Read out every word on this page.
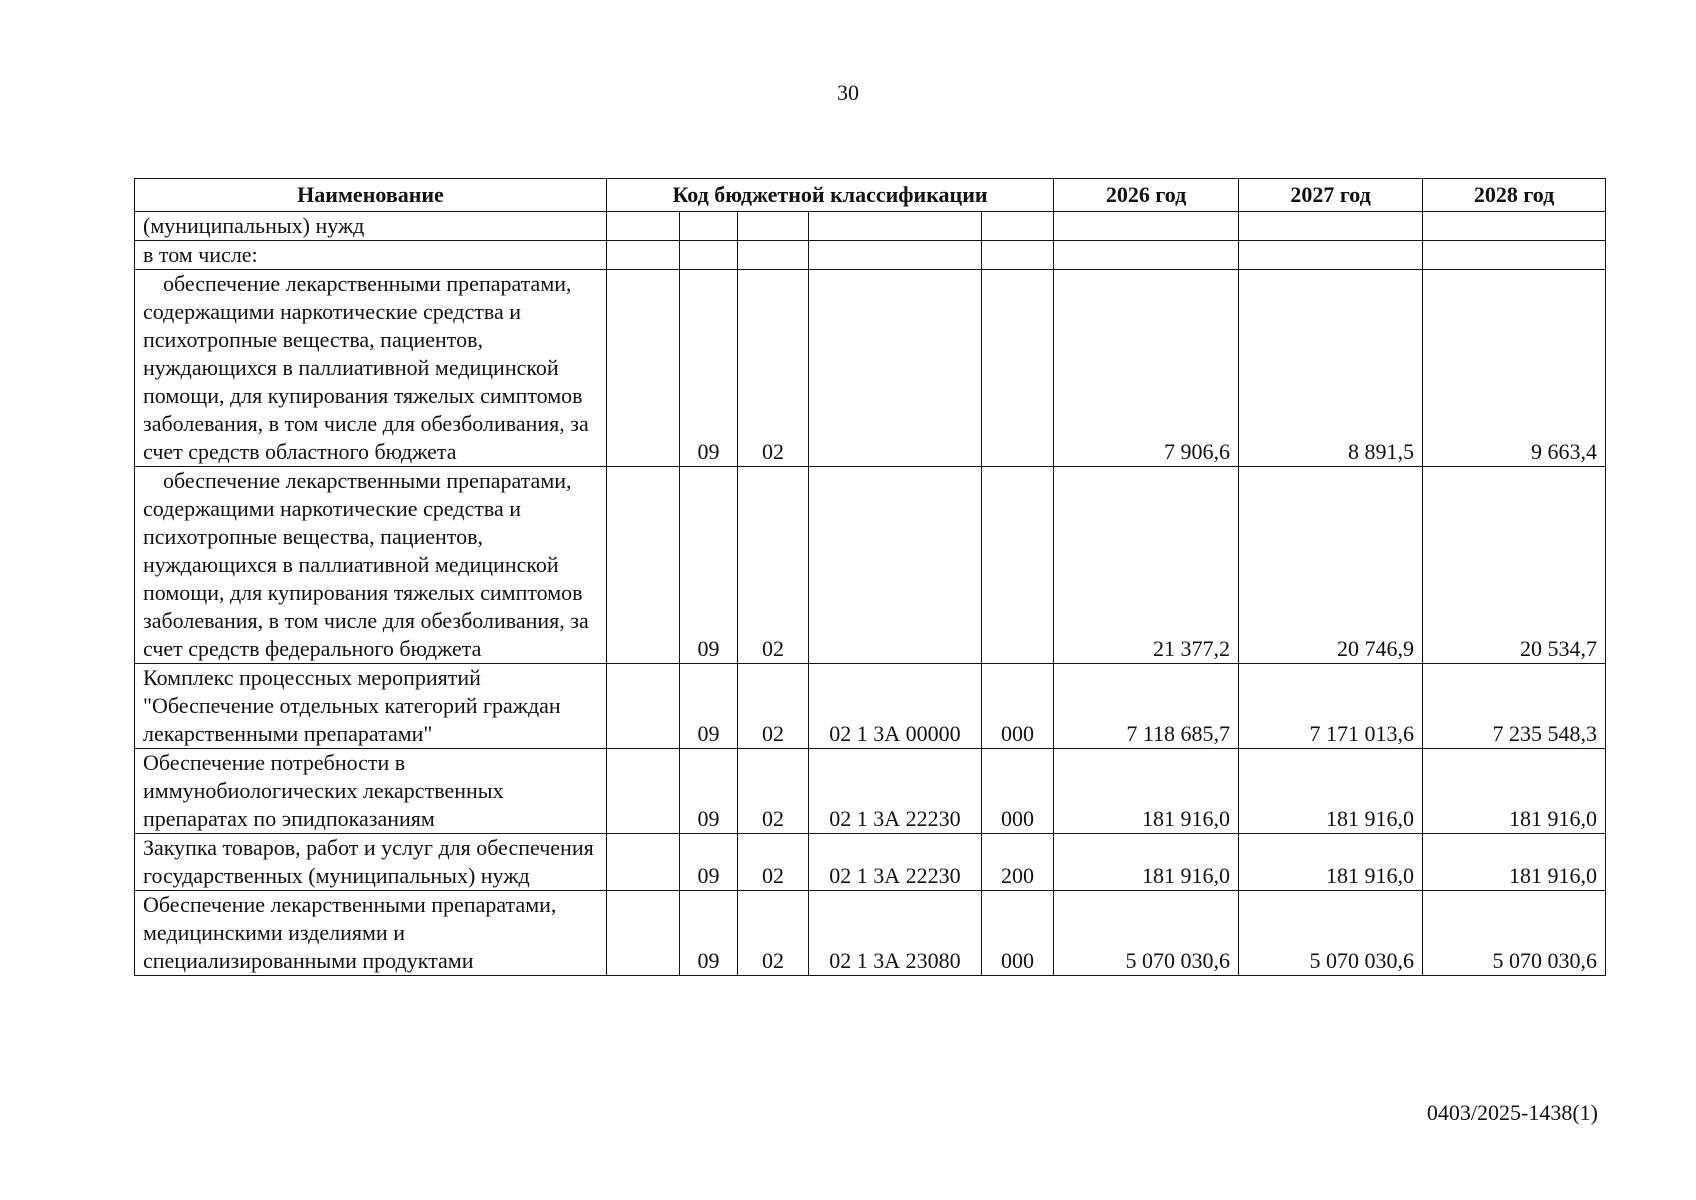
30
Наименование	Код бюджетной классификации					2026 год	2027 год	2028 год
(муниципальных) нужд								
в том числе:								
обеспечение лекарственными препаратами, содержащими наркотические средства и психотропные вещества, пациентов, нуждающихся в паллиативной медицинской помощи, для купирования тяжелых симптомов заболевания, в том числе для обезболивания, за счет средств областного бюджета		09	02			7 906,6	8 891,5	9 663,4
обеспечение лекарственными препаратами, содержащими наркотические средства и психотропные вещества, пациентов, нуждающихся в паллиативной медицинской помощи, для купирования тяжелых симптомов заболевания, в том числе для обезболивания, за счет средств федерального бюджета		09	02			21 377,2	20 746,9	20 534,7
Комплекс процессных мероприятий "Обеспечение отдельных категорий граждан лекарственными препаратами"		09	02	02 1 3А 00000	000	7 118 685,7	7 171 013,6	7 235 548,3
Обеспечение потребности в иммунобиологических лекарственных препаратах по эпидпоказаниям		09	02	02 1 3А 22230	000	181 916,0	181 916,0	181 916,0
Закупка товаров, работ и услуг для обеспечения государственных (муниципальных) нужд		09	02	02 1 3А 22230	200	181 916,0	181 916,0	181 916,0
Обеспечение лекарственными препаратами, медицинскими изделиями и специализированными продуктами		09	02	02 1 3А 23080	000	5 070 030,6	5 070 030,6	5 070 030,6
0403/2025-1438(1)
